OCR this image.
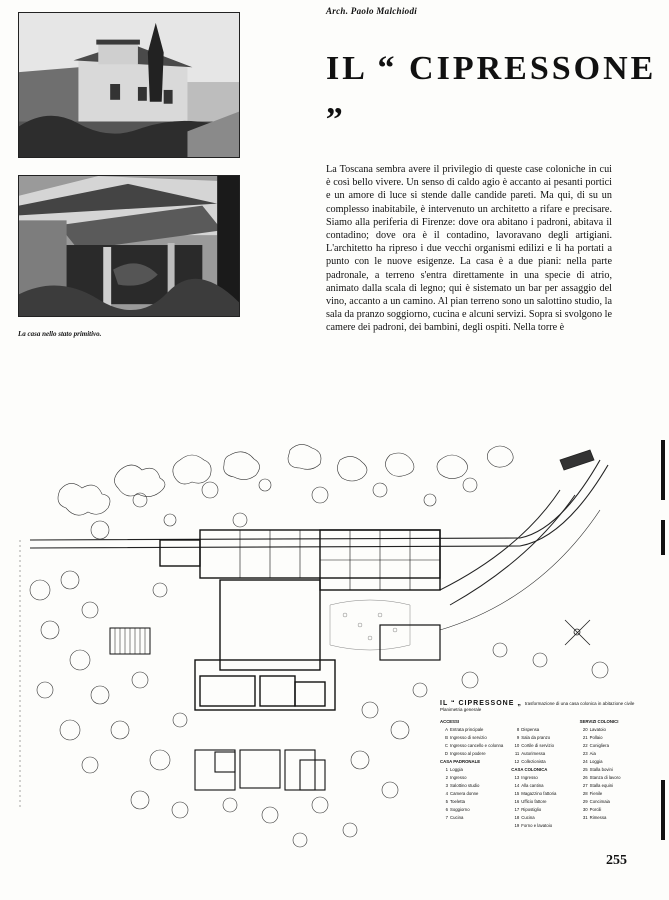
La casa nello stato primitivo.
Arch. Paolo Malchiodi
IL “ CIPRESSONE „

La Toscana sembra avere il privilegio di queste case coloniche in cui è così bello vivere. Un senso di caldo agio è accanto ai pesanti portici e un amore di luce si stende dalle candide pareti. Ma qui, di su un complesso inabitabile, è intervenuto un architetto a rifare e precisare. Siamo alla periferia di Firenze: dove ora abitano i padroni, abitava il contadino; dove ora è il contadino, lavoravano degli artigiani. L'architetto ha ripreso i due vecchi organismi edilizi e li ha portati a punto con le nuove esigenze. La casa è a due piani: nella parte padronale, a terreno s'entra direttamente in una specie di atrio, animato dalla scala di legno; qui è sistemato un bar per assaggio del vino, accanto a un camino. Al pian terreno sono un salottino studio, la sala da pranzo soggiorno, cucina e alcuni servizi. Sopra si svolgono le camere dei padroni, dei bambini, degli ospiti. Nella torre è

IL “ CIPRESSONE „ trasformazione di una casa colonica in abitazione civile
Planimetria generale
ACCESSI
A Entrata principale
B Ingresso di servizio
C Ingresso cancello e colonna
D Ingresso al podere
CASA PADRONALE
1 Loggia
2 Ingresso
3 Salottino studio
4 Camera donne
5 Toeletta
6 Soggiorno
7 Cucina

8 Dispensa
9 Sala da pranzo
10 Cortile di servizio
11 Autorimessa
12 Collezionista
CASA COLONICA
13 Ingresso
14 Alla cantina
15 Magazzino fattoria
16 Ufficio fattore
17 Ripostiglio
18 Cucina
19 Forno e lavatoio
SERVIZI COLONICI
20 Lavatoio
21 Pollaio
22 Conigliera
23 Aia
24 Loggia
25 Stalla bovini
26 Stanza di lavoro
27 Stalla equini
28 Fienile
29 Concimaia
30 Porcili
31 Rimessa
255
